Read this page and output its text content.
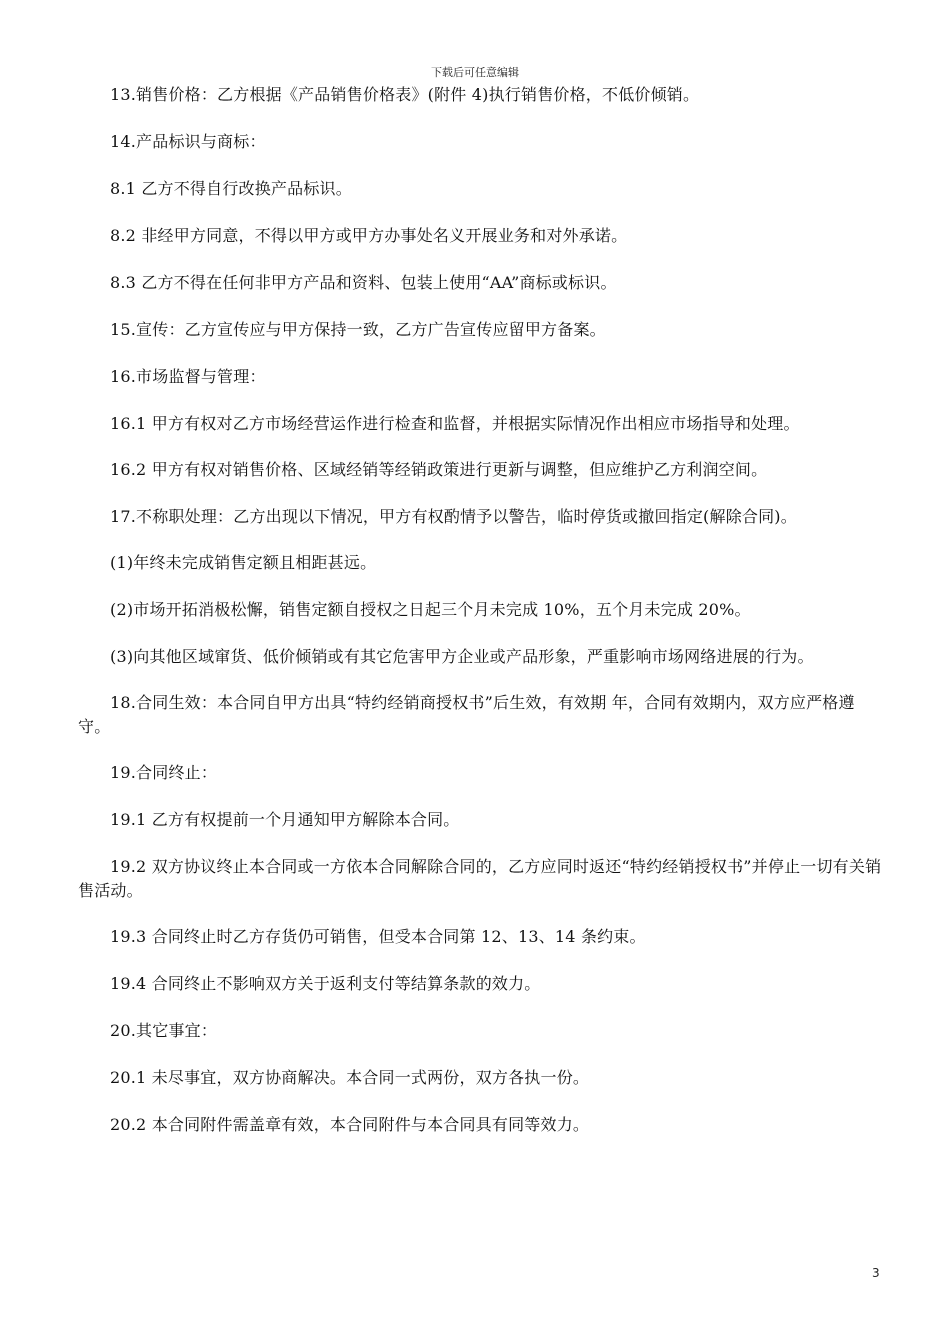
下载后可任意编辑

13.销售价格：乙方根据《产品销售价格表》(附件 4)执行销售价格，不低价倾销。

14.产品标识与商标：

8.1 乙方不得自行改换产品标识。

8.2 非经甲方同意，不得以甲方或甲方办事处名义开展业务和对外承诺。

8.3 乙方不得在任何非甲方产品和资料、包装上使用“AA”商标或标识。

15.宣传：乙方宣传应与甲方保持一致，乙方广告宣传应留甲方备案。

16.市场监督与管理：

16.1 甲方有权对乙方市场经营运作进行检查和监督，并根据实际情况作出相应市场指导和处理。

16.2 甲方有权对销售价格、区域经销等经销政策进行更新与调整，但应维护乙方利润空间。

17.不称职处理：乙方出现以下情况，甲方有权酌情予以警告，临时停货或撤回指定(解除合同)。

(1)年终未完成销售定额且相距甚远。

(2)市场开拓消极松懈，销售定额自授权之日起三个月未完成 10%，五个月未完成 20%。

(3)向其他区域窜货、低价倾销或有其它危害甲方企业或产品形象，严重影响市场网络进展的行为。

18.合同生效：本合同自甲方出具“特约经销商授权书”后生效，有效期 年，合同有效期内，双方应严格遵守。

19.合同终止：

19.1 乙方有权提前一个月通知甲方解除本合同。

19.2 双方协议终止本合同或一方依本合同解除合同的，乙方应同时返还“特约经销授权书”并停止一切有关销售活动。

19.3 合同终止时乙方存货仍可销售，但受本合同第 12、13、14 条约束。

19.4 合同终止不影响双方关于返利支付等结算条款的效力。

20.其它事宜：

20.1 未尽事宜，双方协商解决。本合同一式两份，双方各执一份。

20.2 本合同附件需盖章有效，本合同附件与本合同具有同等效力。

3
